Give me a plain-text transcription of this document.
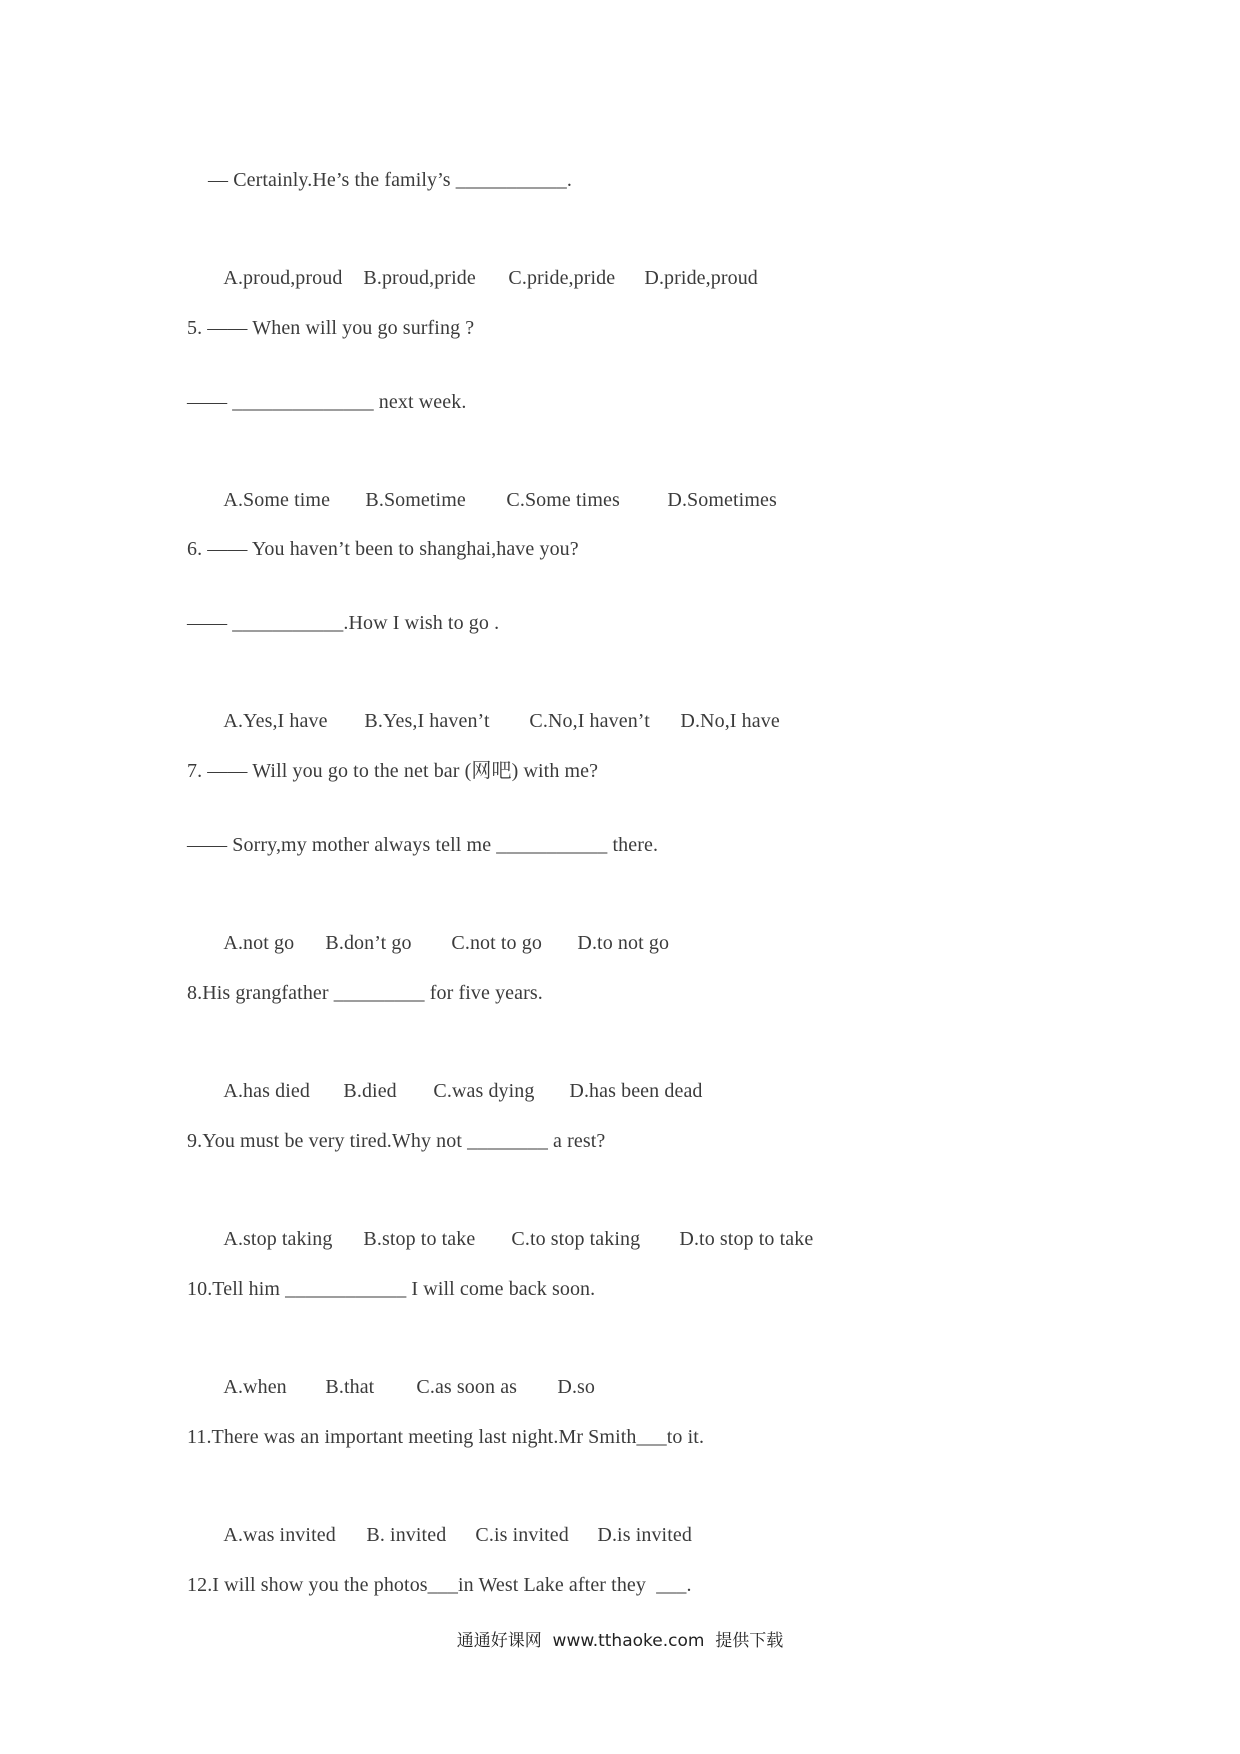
— Certainly.He’s the family’s ___________.

A.proud,proud B.proud,pride C.pride,pride D.pride,proud

5. —— When will you go surfing ?
—— ______________ next week.

A.Some time B.Sometime C.Some times D.Sometimes

6. —— You haven’t been to shanghai,have you?
—— ___________.How I wish to go .

A.Yes,I have B.Yes,I haven’t C.No,I haven’t D.No,I have

7. —— Will you go to the net bar (网吧) with me?
—— Sorry,my mother always tell me ___________ there.

A.not go B.don’t go C.not to go D.to not go

8.His grangfather _________ for five years.

A.has died B.died C.was dying D.has been dead

9.You must be very tired.Why not ________ a rest?

A.stop taking B.stop to take C.to stop taking D.to stop to take

10.Tell him ____________ I will come back soon.

A.when B.that C.as soon as D.so

11.There was an important meeting last night.Mr Smith___to it.

A.was invited B. invited C.is invited D.is invited

12.I will show you the photos___in West Lake after they  ___.
通通好课网  www.tthaoke.com  提供下载
